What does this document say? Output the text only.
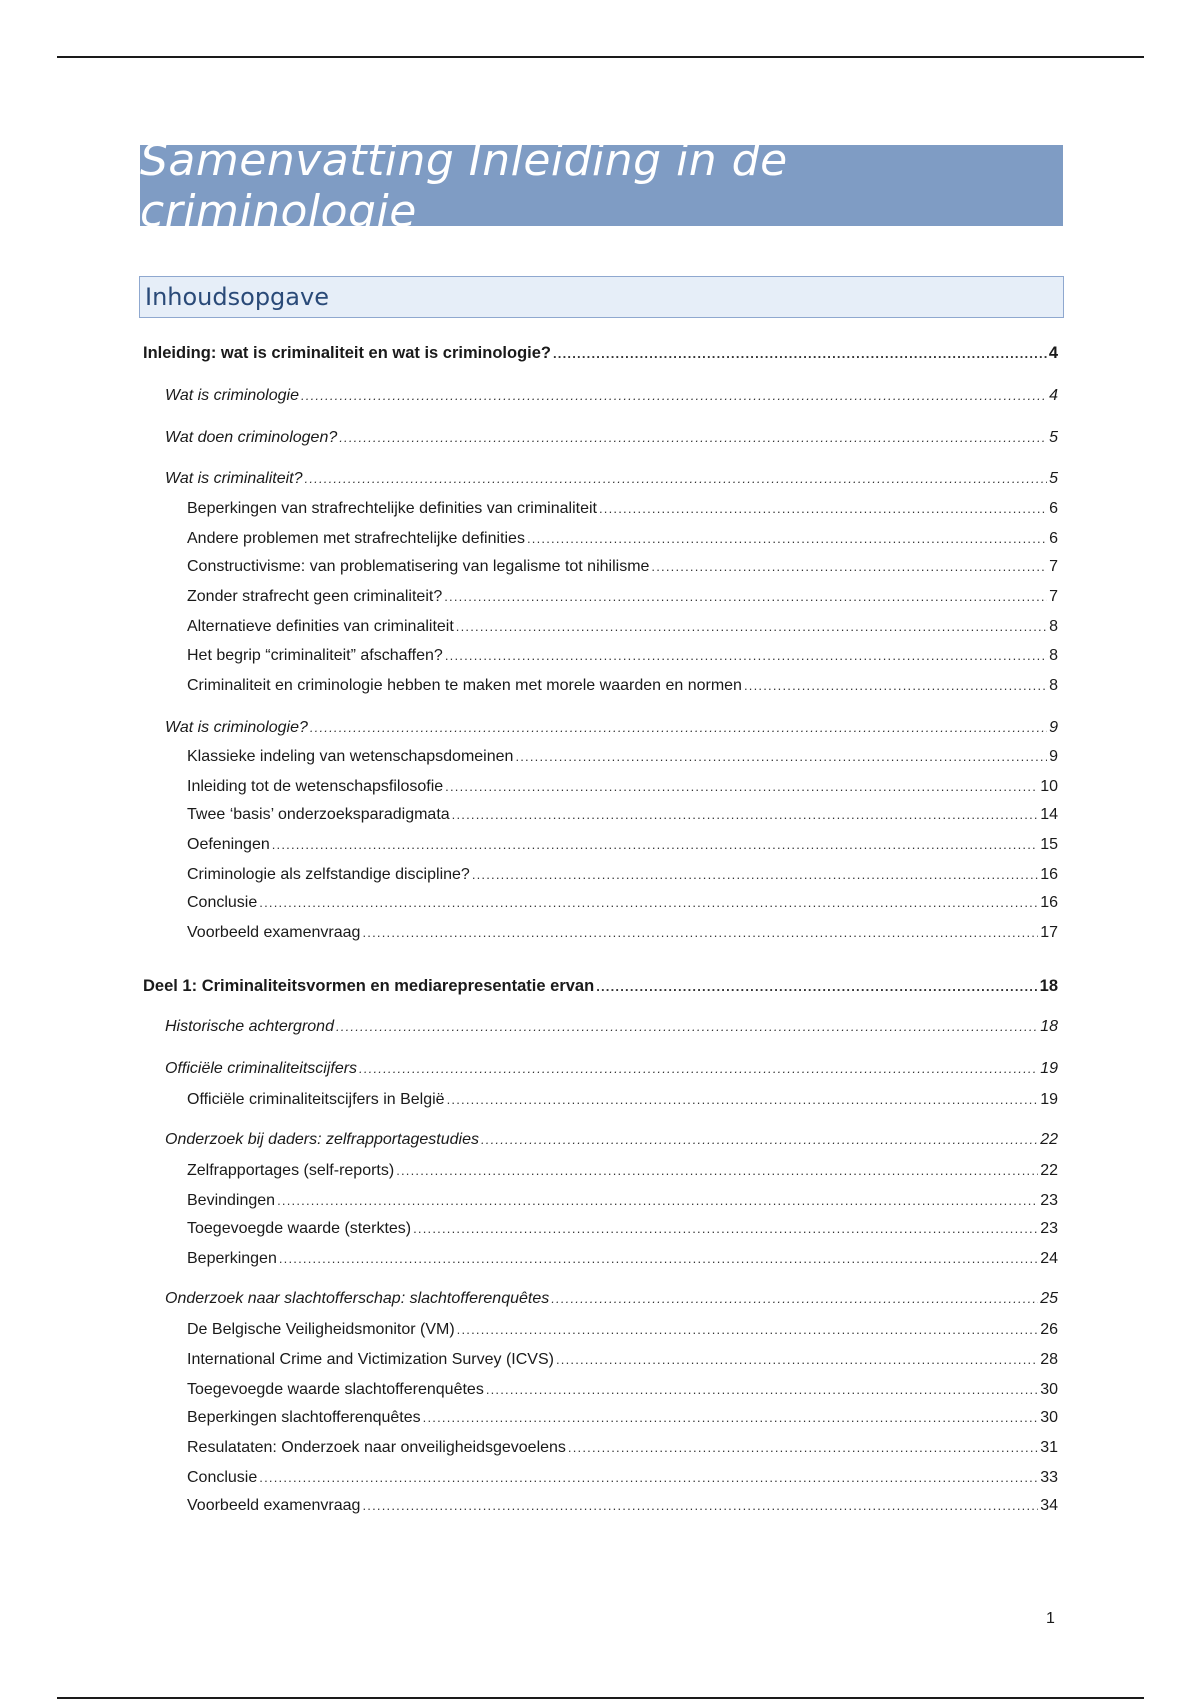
Samenvatting Inleiding in de criminologie
Inhoudsopgave
Inleiding: wat is criminaliteit en wat is criminologie? .....	4
Wat is criminologie .....	4
Wat doen criminologen? .....	5
Wat is criminaliteit? .....	5
Beperkingen van strafrechtelijke definities van criminaliteit .....	6
Andere problemen met strafrechtelijke definities .....	6
Constructivisme: van problematisering van legalisme tot nihilisme .....	7
Zonder strafrecht geen criminaliteit? .....	7
Alternatieve definities van criminaliteit .....	8
Het begrip “criminaliteit” afschaffen? .....	8
Criminaliteit en criminologie hebben te maken met morele waarden en normen .....	8
Wat is criminologie? .....	9
Klassieke indeling van wetenschapsdomeinen .....	9
Inleiding tot de wetenschapsfilosofie .....	10
Twee ‘basis’ onderzoeksparadigmata .....	14
Oefeningen .....	15
Criminologie als zelfstandige discipline? .....	16
Conclusie .....	16
Voorbeeld examenvraag .....	17
Deel 1: Criminaliteitsvormen en mediarepresentatie ervan .....	18
Historische achtergrond .....	18
Officiële criminaliteitscijfers .....	19
Officiële criminaliteitscijfers in België .....	19
Onderzoek bij daders: zelfrapportagestudies .....	22
Zelfrapportages (self-reports) .....	22
Bevindingen .....	23
Toegevoegde waarde (sterktes) .....	23
Beperkingen .....	24
Onderzoek naar slachtofferschap: slachtofferenquêtes .....	25
De Belgische Veiligheidsmonitor (VM) .....	26
International Crime and Victimization Survey (ICVS) .....	28
Toegevoegde waarde slachtofferenquêtes .....	30
Beperkingen slachtofferenquêtes .....	30
Resulataten: Onderzoek naar onveiligheidsgevoelens .....	31
Conclusie .....	33
Voorbeeld examenvraag .....	34
1
